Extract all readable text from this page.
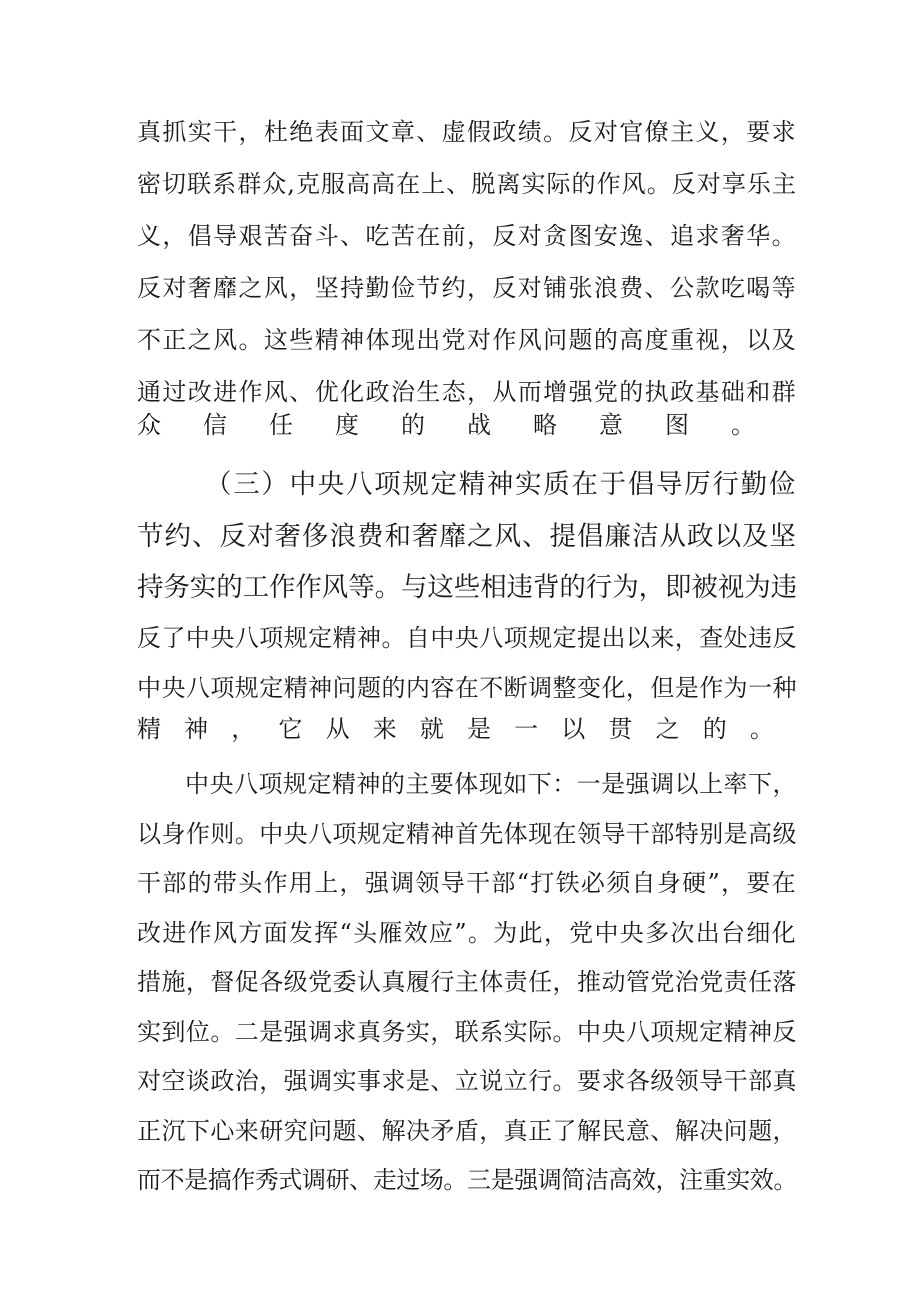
真抓实干，杜绝表面文章、虚假政绩。反对官僚主义，要求
密切联系群众,克服高高在上、脱离实际的作风。反对享乐主
义，倡导艰苦奋斗、吃苦在前，反对贪图安逸、追求奢华。
反对奢靡之风，坚持勤俭节约，反对铺张浪费、公款吃喝等
不正之风。这些精神体现出党对作风问题的高度重视，以及
通过改进作风、优化政治生态，从而增强党的执政基础和群
众信任度的战略意图。
（三）中央八项规定精神实质在于倡导厉行勤俭
节约、反对奢侈浪费和奢靡之风、提倡廉洁从政以及坚
持务实的工作作风等。与这些相违背的行为，即被视为违
反了中央八项规定精神。自中央八项规定提出以来，查处违反
中央八项规定精神问题的内容在不断调整变化，但是作为一种
精神，它从来就是一以贯之的。
中央八项规定精神的主要体现如下：一是强调以上率下，
以身作则。中央八项规定精神首先体现在领导干部特别是高级
干部的带头作用上，强调领导干部“打铁必须自身硬”，要在
改进作风方面发挥“头雁效应”。为此，党中央多次出台细化
措施，督促各级党委认真履行主体责任，推动管党治党责任落
实到位。二是强调求真务实，联系实际。中央八项规定精神反
对空谈政治，强调实事求是、立说立行。要求各级领导干部真
正沉下心来研究问题、解决矛盾，真正了解民意、解决问题，
而不是搞作秀式调研、走过场。三是强调简洁高效，注重实效。
